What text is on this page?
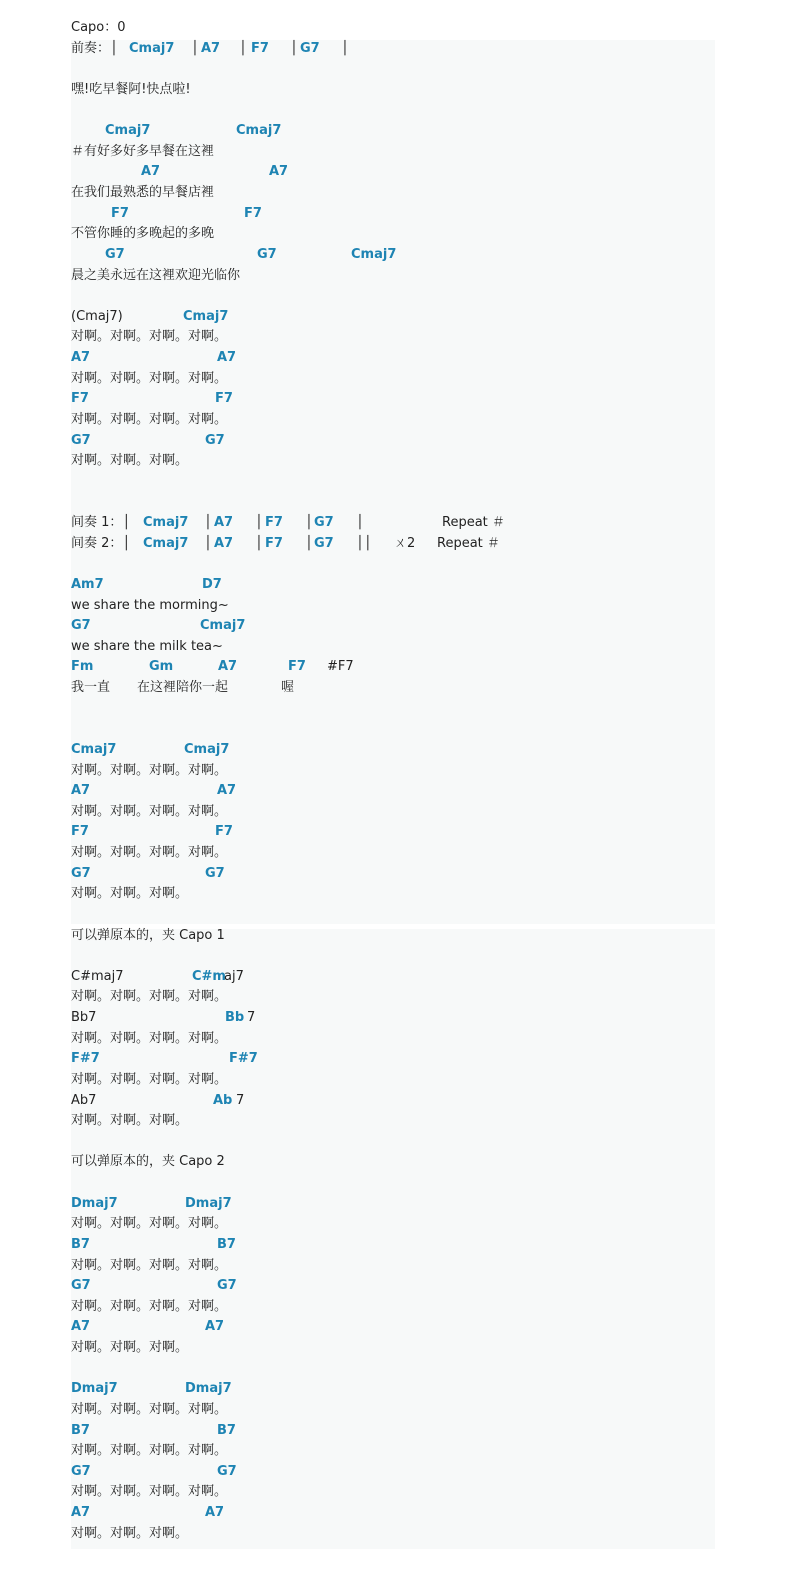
Capo：0
前奏：│ Cmaj7 │ A7 │ F7 │ G7 │
嘿!吃早餐阿!快点啦!
Cmaj7	Cmaj7
＃有好多好多早餐在这裡
A7	A7
在我们最熟悉的早餐店裡
F7	F7
不管你睡的多晚起的多晚
G7	G7	Cmaj7
晨之美永远在这裡欢迎光临你
(Cmaj7)	Cmaj7
对啊。对啊。对啊。对啊。
A7	A7
对啊。对啊。对啊。对啊。
F7	F7
对啊。对啊。对啊。对啊。
G7	G7
对啊。对啊。对啊。
间奏 1：│ Cmaj7 │ A7 │ F7 │ G7 │	Repeat ＃
间奏 2：│ Cmaj7 │ A7 │ F7 │ G7 ││ ㄨ2 Repeat ＃
Am7	D7
we share the morming~
G7	Cmaj7
we share the milk tea~
Fm	Gm	A7	F7 #F7
我一直 在这裡陪你一起	喔
Cmaj7	Cmaj7
对啊。对啊。对啊。对啊。
A7	A7
对啊。对啊。对啊。对啊。
F7	F7
对啊。对啊。对啊。对啊。
G7	G7
对啊。对啊。对啊。
可以弹原本的，夹 Capo 1
C#maj7	C#m
aj7
对啊。对啊。对啊。对啊。
Bb7	Bb 7
对啊。对啊。对啊。对啊。
F#7	F#7
对啊。对啊。对啊。对啊。
Ab7	Ab 7
对啊。对啊。对啊。
可以弹原本的，夹 Capo 2
Dmaj7	Dmaj7
对啊。对啊。对啊。对啊。
B7	B7
对啊。对啊。对啊。对啊。
G7	G7
对啊。对啊。对啊。对啊。
A7	A7
对啊。对啊。对啊。
Dmaj7	Dmaj7
对啊。对啊。对啊。对啊。
B7	B7
对啊。对啊。对啊。对啊。
G7	G7
对啊。对啊。对啊。对啊。
A7	A7
对啊。对啊。对啊。
